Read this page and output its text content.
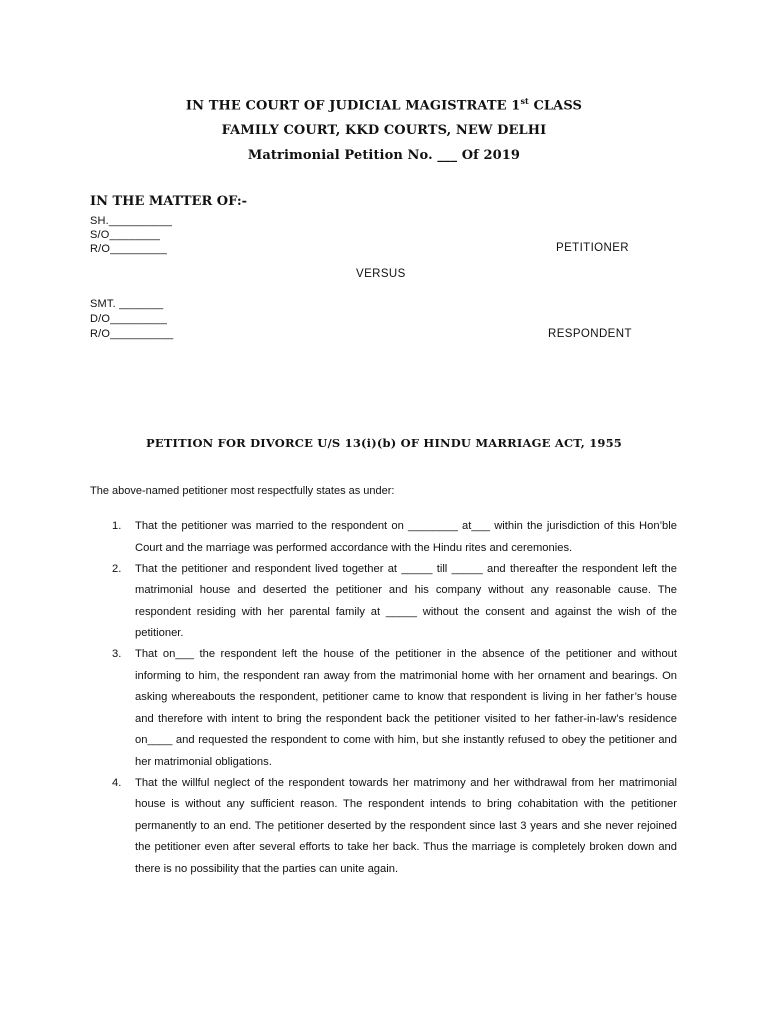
IN THE COURT OF JUDICIAL MAGISTRATE 1st CLASS
FAMILY COURT, KKD COURTS, NEW DELHI
Matrimonial Petition No. ___ Of 2019
IN THE MATTER OF:-
SH.__________
S/O________
R/O_________	PETITIONER
VERSUS
SMT. _______
D/O_________
R/O__________	RESPONDENT
PETITION FOR DIVORCE U/S 13(i)(b) OF HINDU MARRIAGE ACT, 1955
The above-named petitioner most respectfully states as under:
1. That the petitioner was married to the respondent on ________ at___ within the jurisdiction of this Hon’ble Court and the marriage was performed accordance with the Hindu rites and ceremonies.
2. That the petitioner and respondent lived together at _____ till _____ and thereafter the respondent left the matrimonial house and deserted the petitioner and his company without any reasonable cause. The respondent residing with her parental family at _____ without the consent and against the wish of the petitioner.
3. That on___ the respondent left the house of the petitioner in the absence of the petitioner and without informing to him, the respondent ran away from the matrimonial home with her ornament and bearings. On asking whereabouts the respondent, petitioner came to know that respondent is living in her father’s house and therefore with intent to bring the respondent back the petitioner visited to her father-in-law’s residence on____ and requested the respondent to come with him, but she instantly refused to obey the petitioner and her matrimonial obligations.
4. That the willful neglect of the respondent towards her matrimony and her withdrawal from her matrimonial house is without any sufficient reason. The respondent intends to bring cohabitation with the petitioner permanently to an end. The petitioner deserted by the respondent since last 3 years and she never rejoined the petitioner even after several efforts to take her back. Thus the marriage is completely broken down and there is no possibility that the parties can unite again.
